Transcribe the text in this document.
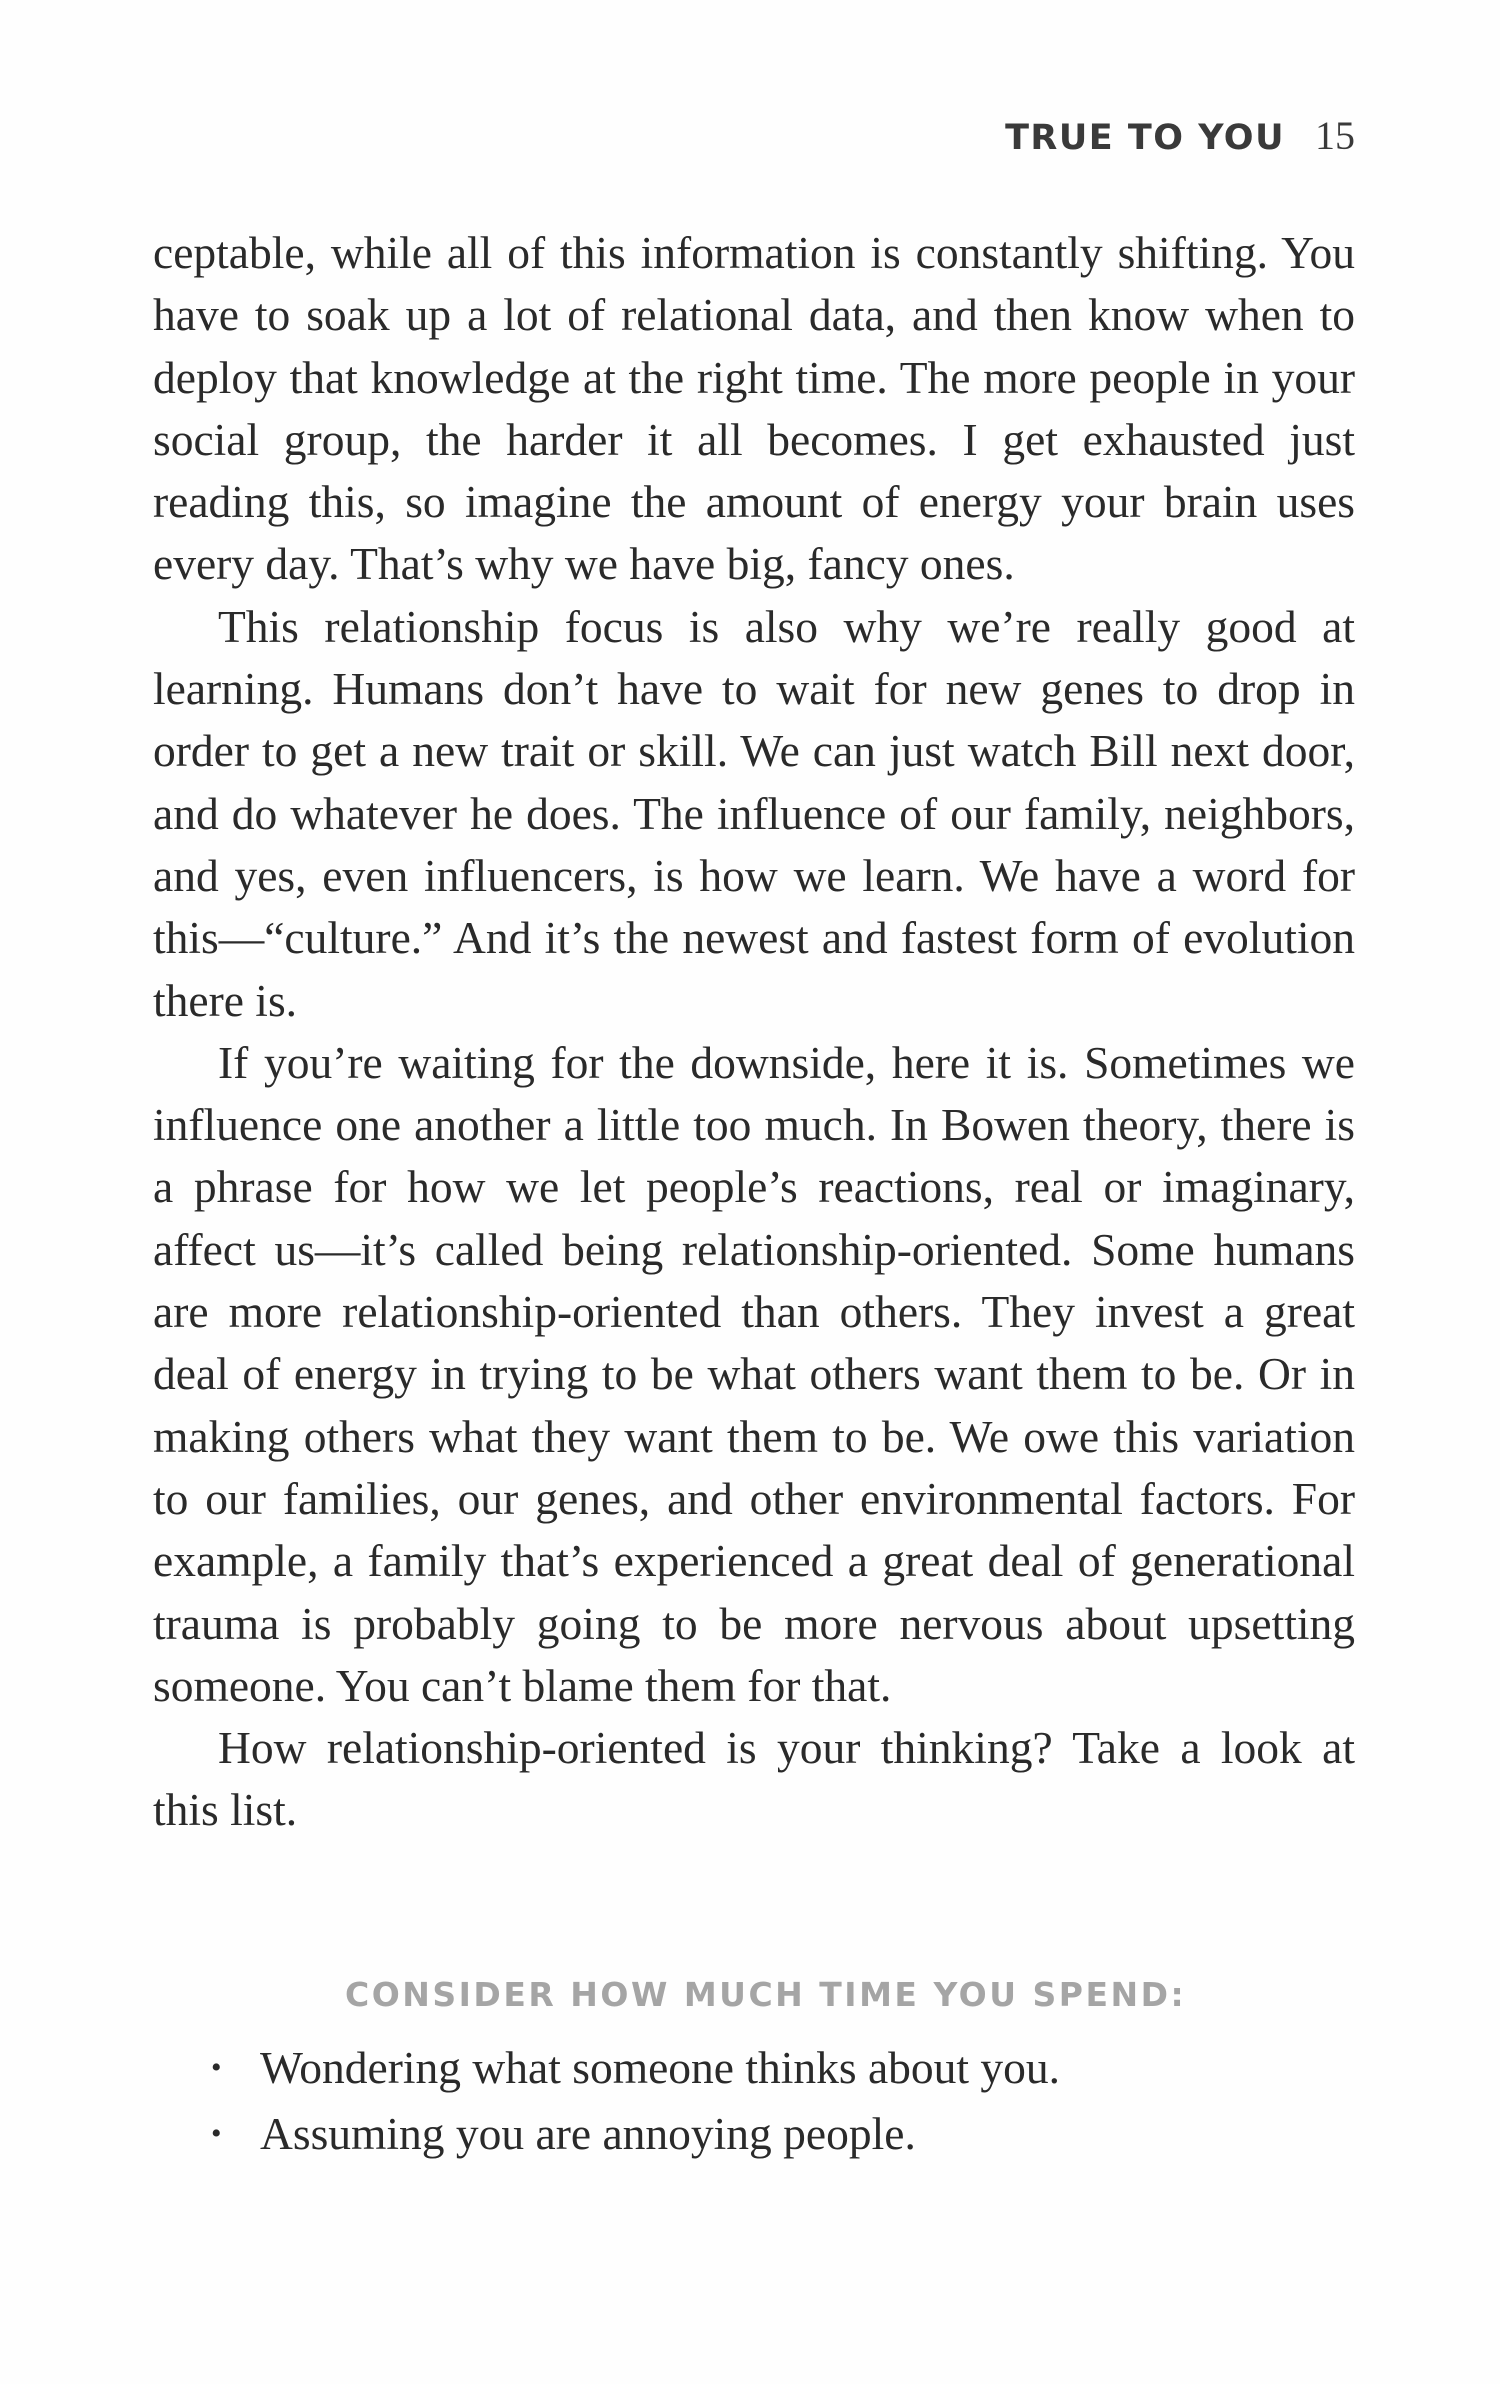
TRUE TO YOU 15

ceptable, while all of this information is constantly shifting. You have to soak up a lot of relational data, and then know when to deploy that knowledge at the right time. The more people in your social group, the harder it all becomes. I get exhausted just reading this, so imagine the amount of energy your brain uses every day. That’s why we have big, fancy ones.

This relationship focus is also why we’re really good at learning. Humans don’t have to wait for new genes to drop in order to get a new trait or skill. We can just watch Bill next door, and do whatever he does. The influence of our family, neighbors, and yes, even influencers, is how we learn. We have a word for this—“culture.” And it’s the newest and fastest form of evolution there is.

If you’re waiting for the downside, here it is. Sometimes we influence one another a little too much. In Bowen theory, there is a phrase for how we let people’s reactions, real or imaginary, affect us—it’s called being relationship-oriented. Some humans are more relationship-oriented than others. They invest a great deal of energy in trying to be what others want them to be. Or in making others what they want them to be. We owe this variation to our families, our genes, and other environmental factors. For example, a family that’s experienced a great deal of generational trauma is probably going to be more nervous about upsetting someone. You can’t blame them for that.

How relationship-oriented is your thinking? Take a look at this list.

CONSIDER HOW MUCH TIME YOU SPEND:
• Wondering what someone thinks about you.
• Assuming you are annoying people.
